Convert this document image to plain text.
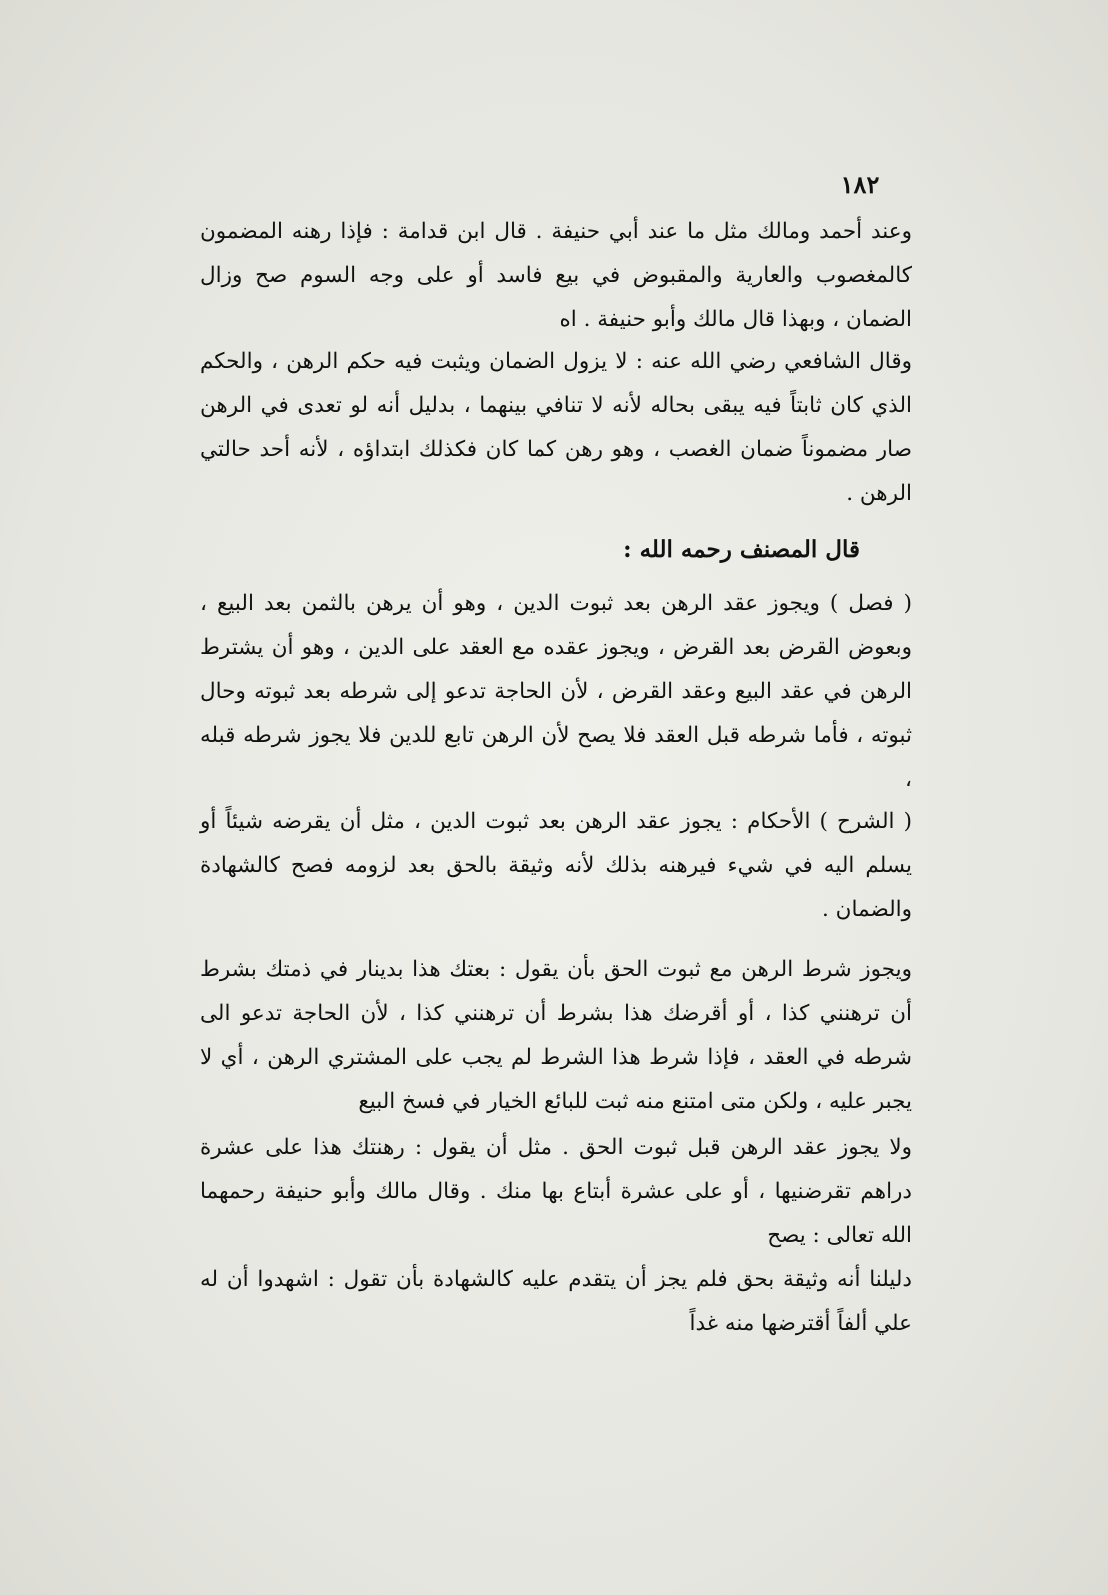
١٨٢
وعند أحمد ومالك مثل ما عند أبي حنيفة . قال ابن قدامة : فإذا رهنه المضمون كالمغصوب والعارية والمقبوض في بيع فاسد أو على وجه السوم صح وزال الضمان ، وبهذا قال مالك وأبو حنيفة . اه
وقال الشافعي رضي الله عنه : لا يزول الضمان ويثبت فيه حكم الرهن ، والحكم الذي كان ثابتاً فيه يبقى بحاله لأنه لا تنافي بينهما ، بدليل أنه لو تعدى في الرهن صار مضموناً ضمان الغصب ، وهو رهن كما كان فكذلك ابتداؤه ، لأنه أحد حالتي الرهن .
قال المصنف رحمه الله :
( فصل ) ويجوز عقد الرهن بعد ثبوت الدين ، وهو أن يرهن بالثمن بعد البيع ، وبعوض القرض بعد القرض ، ويجوز عقده مع العقد على الدين ، وهو أن يشترط الرهن في عقد البيع وعقد القرض ، لأن الحاجة تدعو إلى شرطه بعد ثبوته وحال ثبوته ، فأما شرطه قبل العقد فلا يصح لأن الرهن تابع للدين فلا يجوز شرطه قبله ،
( الشرح ) الأحكام : يجوز عقد الرهن بعد ثبوت الدين ، مثل أن يقرضه شيئاً أو يسلم اليه في شيء فيرهنه بذلك لأنه وثيقة بالحق بعد لزومه فصح كالشهادة والضمان .
ويجوز شرط الرهن مع ثبوت الحق بأن يقول : بعتك هذا بدينار في ذمتك بشرط أن ترهنني كذا ، أو أقرضك هذا بشرط أن ترهنني كذا ، لأن الحاجة تدعو الى شرطه في العقد ، فإذا شرط هذا الشرط لم يجب على المشتري الرهن ، أي لا يجبر عليه ، ولكن متى امتنع منه ثبت للبائع الخيار في فسخ البيع
ولا يجوز عقد الرهن قبل ثبوت الحق . مثل أن يقول : رهنتك هذا على عشرة دراهم تقرضنيها ، أو على عشرة أبتاع بها منك . وقال مالك وأبو حنيفة رحمهما الله تعالى : يصح
دليلنا أنه وثيقة بحق فلم يجز أن يتقدم عليه كالشهادة بأن تقول : اشهدوا أن له علي ألفاً أقترضها منه غداً
